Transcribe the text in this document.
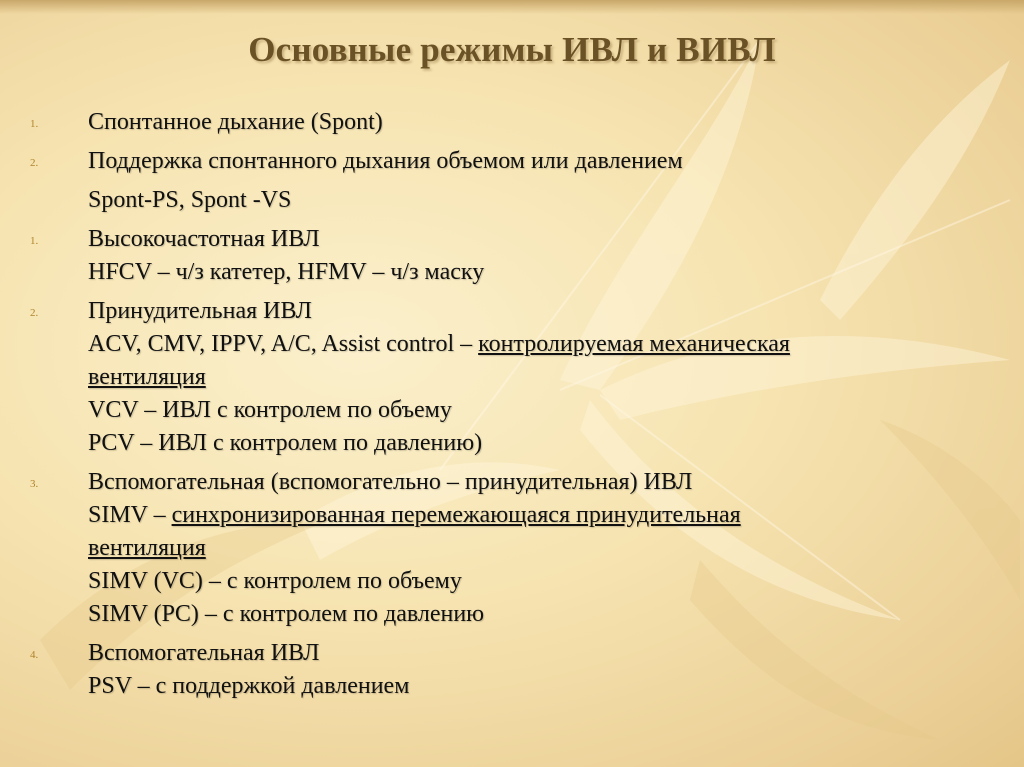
Основные режимы ИВЛ и ВИВЛ
1. Спонтанное дыхание (Spont)
2. Поддержка спонтанного дыхания объемом или давлением
Spont-PS, Spont -VS
1. Высокочастотная ИВЛ
HFCV – ч/з катетер, HFMV – ч/з маску
2. Принудительная ИВЛ
ACV, CMV, IPPV, A/C, Assist control – контролируемая механическая
вентиляция
VCV – ИВЛ с контролем по объему
PCV – ИВЛ с контролем по давлению)
3. Вспомогательная (вспомогательно – принудительная) ИВЛ
SIMV – синхронизированная перемежающаяся принудительная
вентиляция
SIMV (VC) – с контролем по объему
SIMV (PC) – с контролем по давлению
4. Вспомогательная ИВЛ
PSV – с поддержкой давлением
